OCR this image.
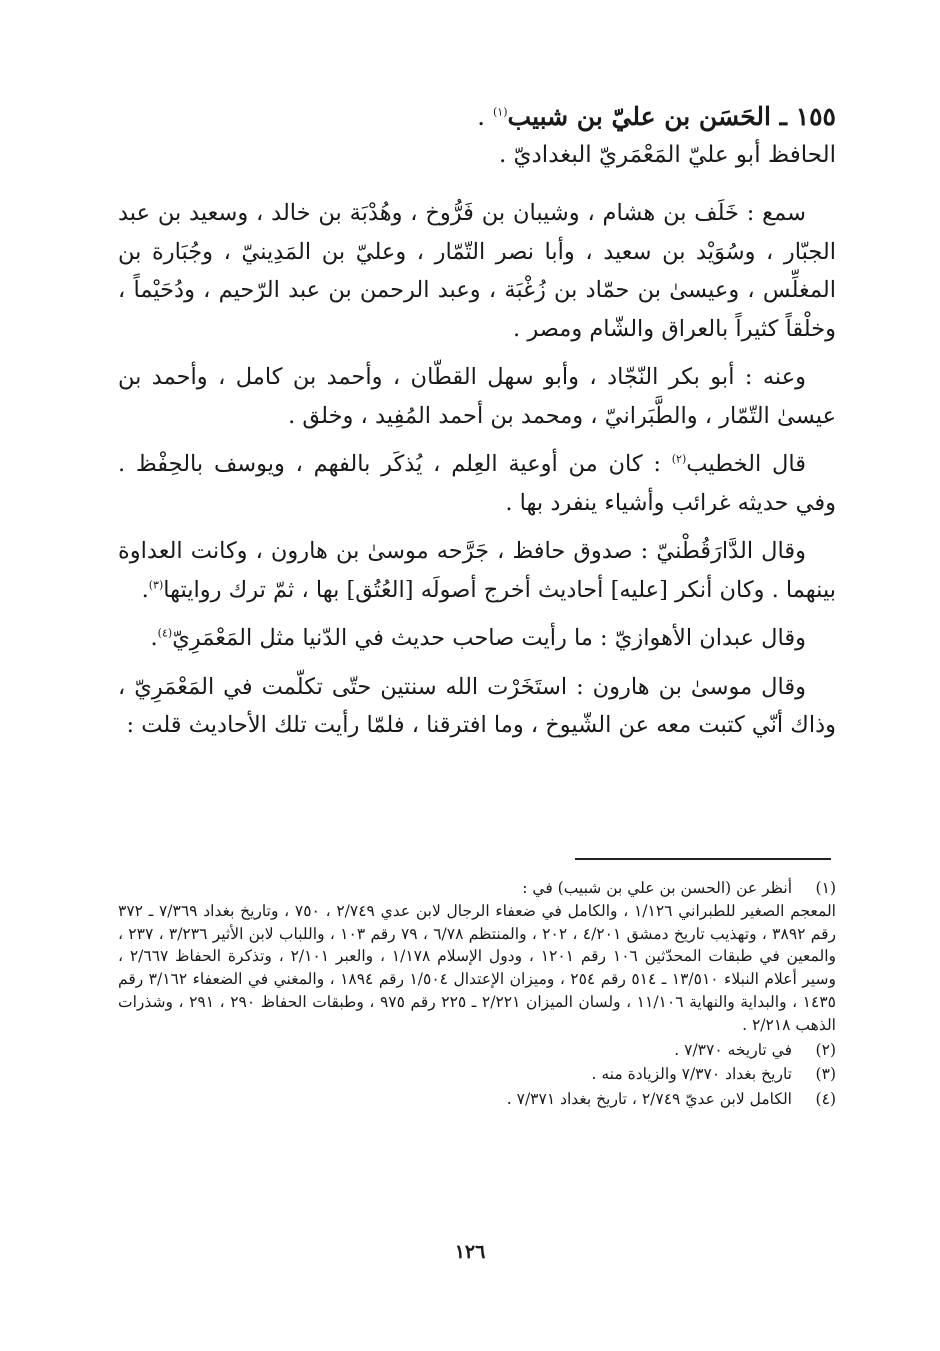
١٥٥ ـ الحَسَن بن عليّ بن شبيب$^{(١)}$ .

الحافظ أبو عليّ المَعْمَريّ البغداديّ .

سمع : خَلَف بن هشام ، وشيبان بن فَرُّوخ ، وهُدْبَة بن خالد ، وسعيد بن عبد الجبّار ، وسُوَيْد بن سعيد ، وأبا نصر التّمّار ، وعليّ بن المَدِينيّ ، وجُبَارة بن المغلِّس ، وعيسىٰ بن حمّاد بن زُغْبَة ، وعبد الرحمن بن عبد الرّحيم ، ودُحَيْماً ، وخلْقاً كثيراً بالعراق والشّام ومصر .

وعنه : أبو بكر النّجّاد ، وأبو سهل القطّان ، وأحمد بن كامل ، وأحمد بن عيسىٰ التّمّار ، والطَّبَرانيّ ، ومحمد بن أحمد المُفِيد ، وخلق .

قال الخطيب$^{(٢)}$ : كان من أوعية العِلم ، يُذكَر بالفهم ، ويوسف بالحِفْظ . وفي حديثه غرائب وأشياء ينفرد بها .

وقال الدَّارَقُطْنيّ : صدوق حافظ ، جَرَّحه موسىٰ بن هارون ، وكانت العداوة بينهما . وكان أنكر [عليه] أحاديث أخرج أصولَه [العُتُق] بها ، ثمّ ترك روايتها$^{(٣)}$.

وقال عبدان الأهوازيّ : ما رأيت صاحب حديث في الدّنيا مثل المَعْمَرِيّ$^{(٤)}$.

وقال موسىٰ بن هارون : استَخَرْت الله سنتين حتّى تكلّمت في المَعْمَرِيّ ، وذاك أنّي كتبت معه عن الشّيوخ ، وما افترقنا ، فلمّا رأيت تلك الأحاديث قلت :

(١)

أنظر عن (الحسن بن علي بن شبيب) في :

المعجم الصغير للطبراني ١/١٢٦ ، والكامل في ضعفاء الرجال لابن عدي ٢/٧٤٩ ، ٧٥٠ ، وتاريخ بغداد ٧/٣٦٩ ـ ٣٧٢ رقم ٣٨٩٢ ، وتهذيب تاريخ دمشق ٤/٢٠١ ، ٢٠٢ ، والمنتظم ٦/٧٨ ، ٧٩ رقم ١٠٣ ، واللباب لابن الأثير ٣/٢٣٦ ، ٢٣٧ ، والمعين في طبقات المحدّثين ١٠٦ رقم ١٢٠١ ، ودول الإسلام ١/١٧٨ ، والعبر ٢/١٠١ ، وتذكرة الحفاظ ٢/٦٦٧ ، وسير أعلام النبلاء ١٣/٥١٠ ـ ٥١٤ رقم ٢٥٤ ، وميزان الإعتدال ١/٥٠٤ رقم ١٨٩٤ ، والمغني في الضعفاء ٣/١٦٢ رقم ١٤٣٥ ، والبداية والنهاية ١١/١٠٦ ، ولسان الميزان ٢/٢٢١ ـ ٢٢٥ رقم ٩٧٥ ، وطبقات الحفاظ ٢٩٠ ، ٢٩١ ، وشذرات الذهب ٢/٢١٨ .

(٢)

في تاريخه ٧/٣٧٠ .

(٣)

تاريخ بغداد ٧/٣٧٠ والزيادة منه .

(٤)

الكامل لابن عديّ ٢/٧٤٩ ، تاريخ بغداد ٧/٣٧١ .

١٢٦
